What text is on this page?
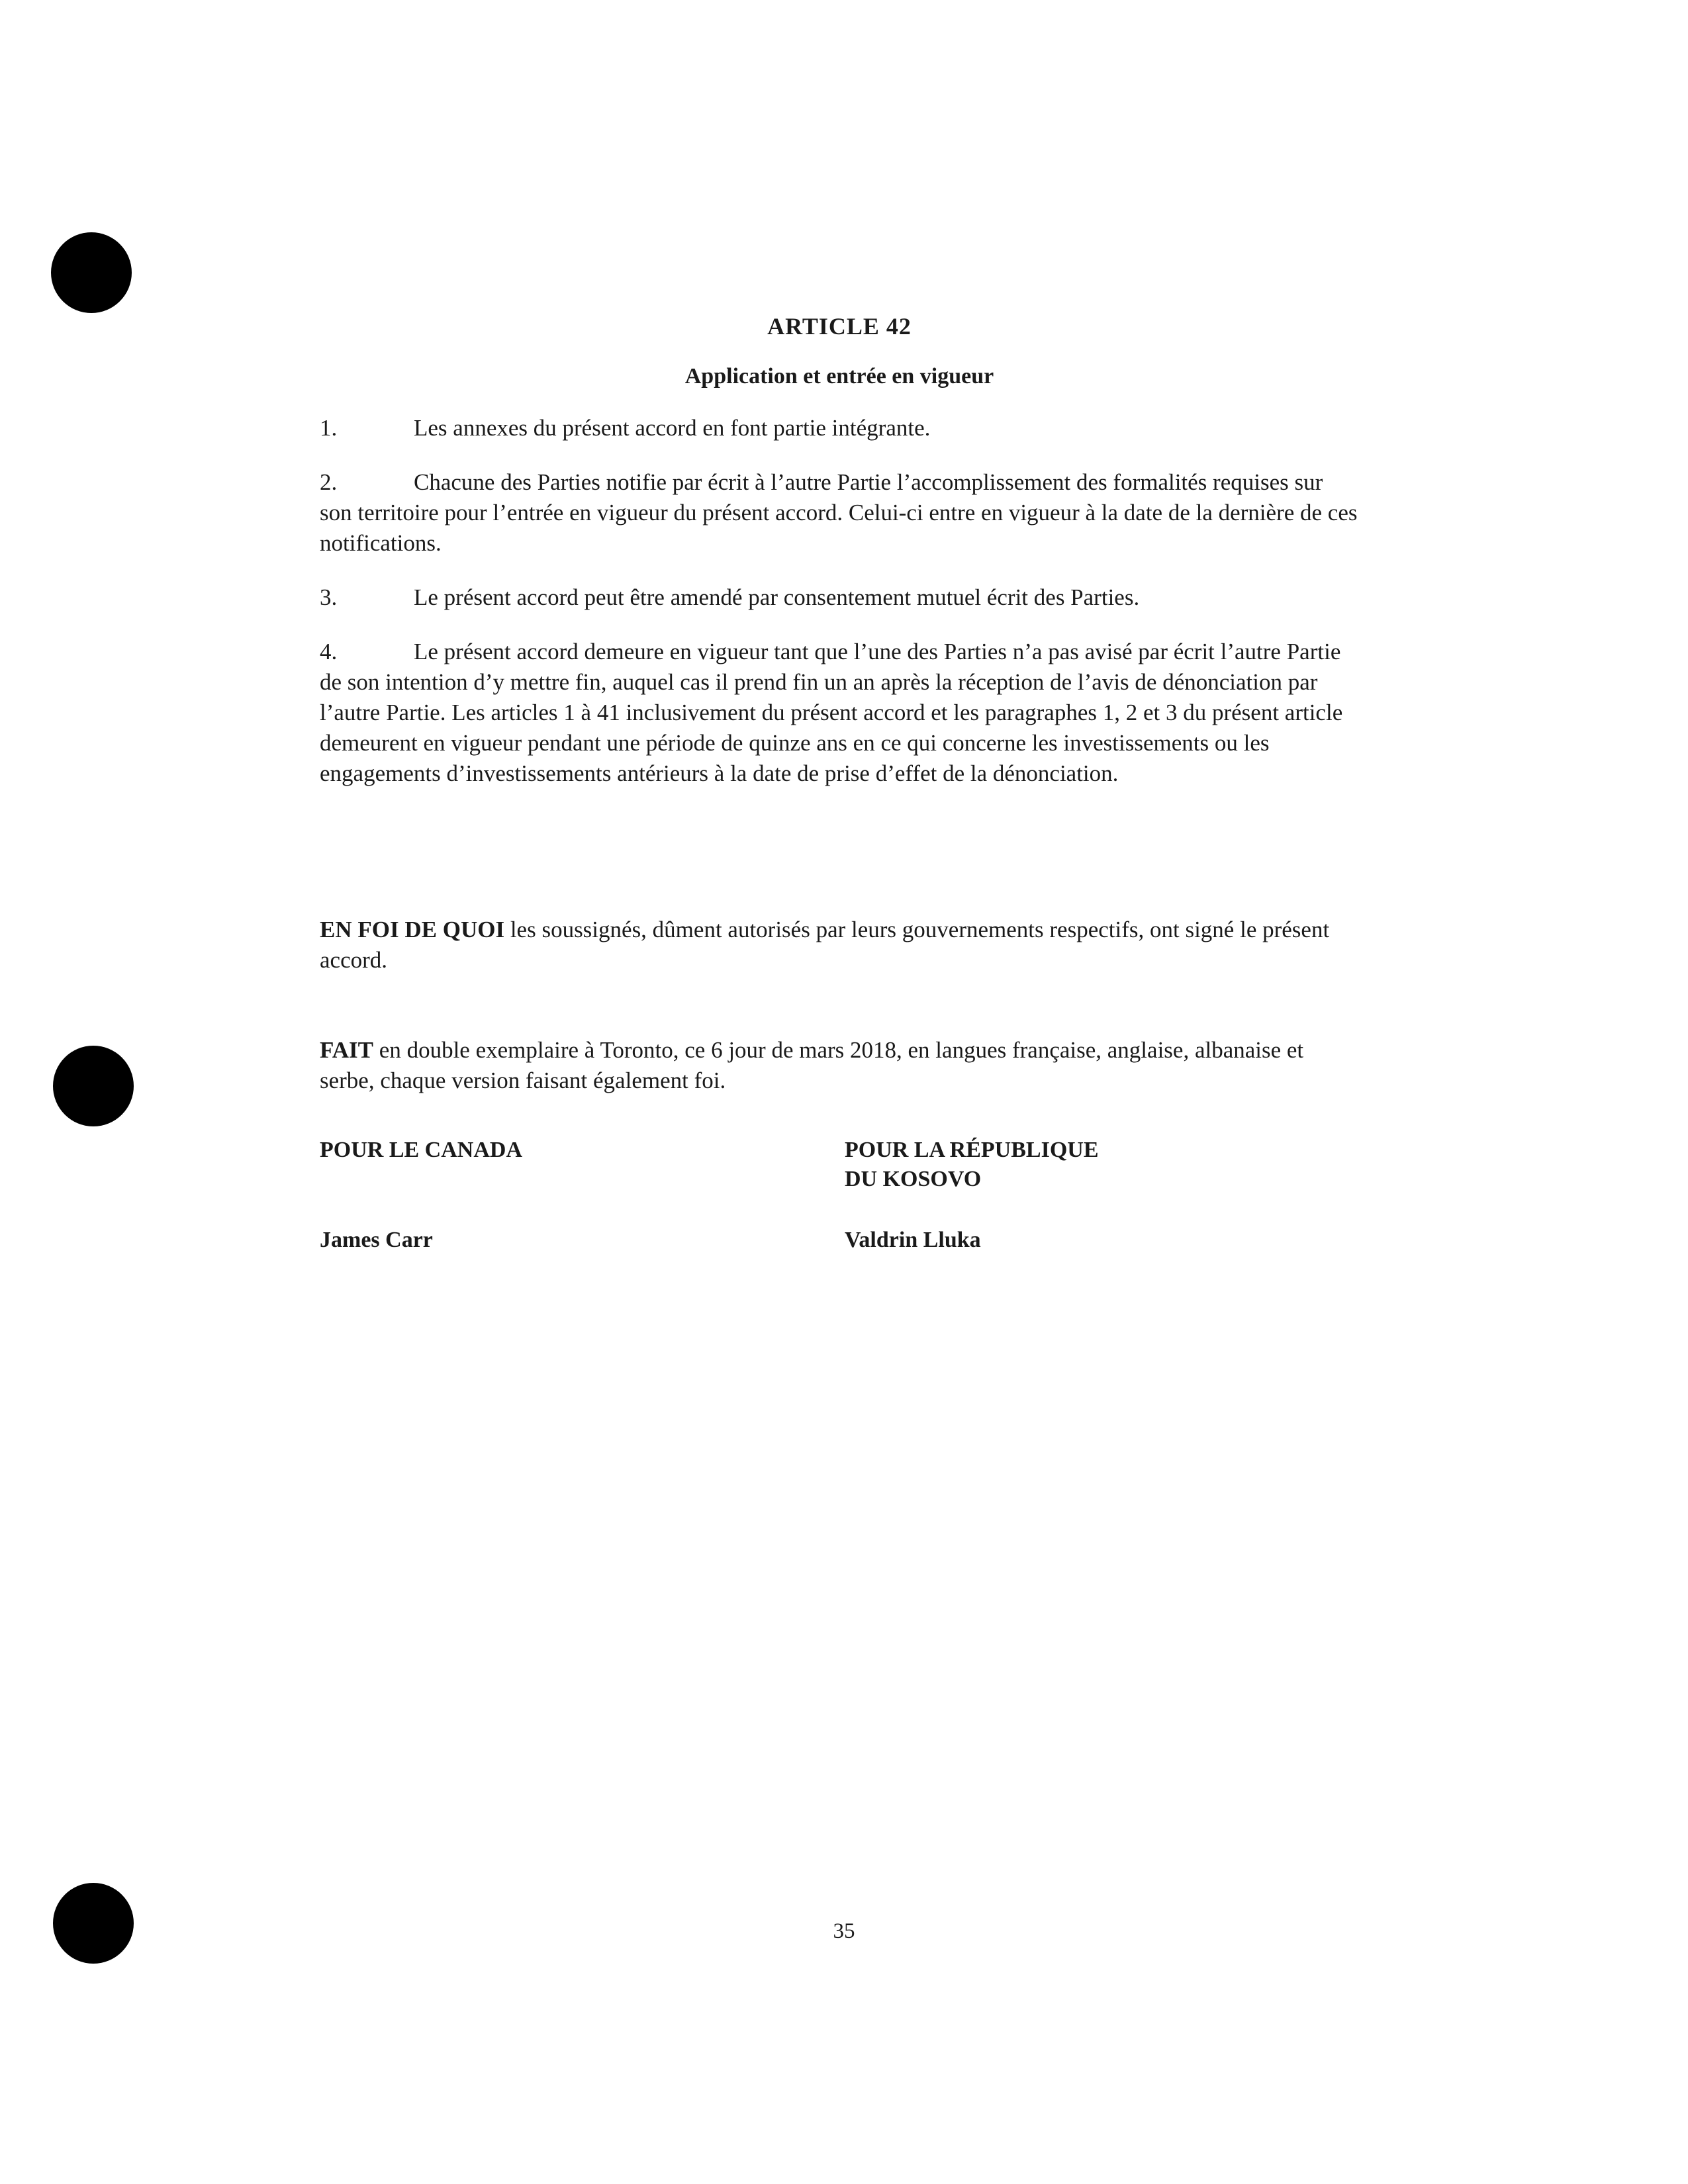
ARTICLE 42
Application et entrée en vigueur
1.	Les annexes du présent accord en font partie intégrante.
2.	Chacune des Parties notifie par écrit à l’autre Partie l’accomplissement des formalités requises sur son territoire pour l’entrée en vigueur du présent accord. Celui-ci entre en vigueur à la date de la dernière de ces notifications.
3.	Le présent accord peut être amendé par consentement mutuel écrit des Parties.
4.	Le présent accord demeure en vigueur tant que l’une des Parties n’a pas avisé par écrit l’autre Partie de son intention d’y mettre fin, auquel cas il prend fin un an après la réception de l’avis de dénonciation par l’autre Partie. Les articles 1 à 41 inclusivement du présent accord et les paragraphes 1, 2 et 3 du présent article demeurent en vigueur pendant une période de quinze ans en ce qui concerne les investissements ou les engagements d’investissements antérieurs à la date de prise d’effet de la dénonciation.
EN FOI DE QUOI les soussignés, dûment autorisés par leurs gouvernements respectifs, ont signé le présent accord.
FAIT en double exemplaire à Toronto, ce 6 jour de mars 2018, en langues française, anglaise, albanaise et serbe, chaque version faisant également foi.
POUR LE CANADA
James Carr
POUR LA RÉPUBLIQUE
DU KOSOVO
Valdrin Lluka
35
